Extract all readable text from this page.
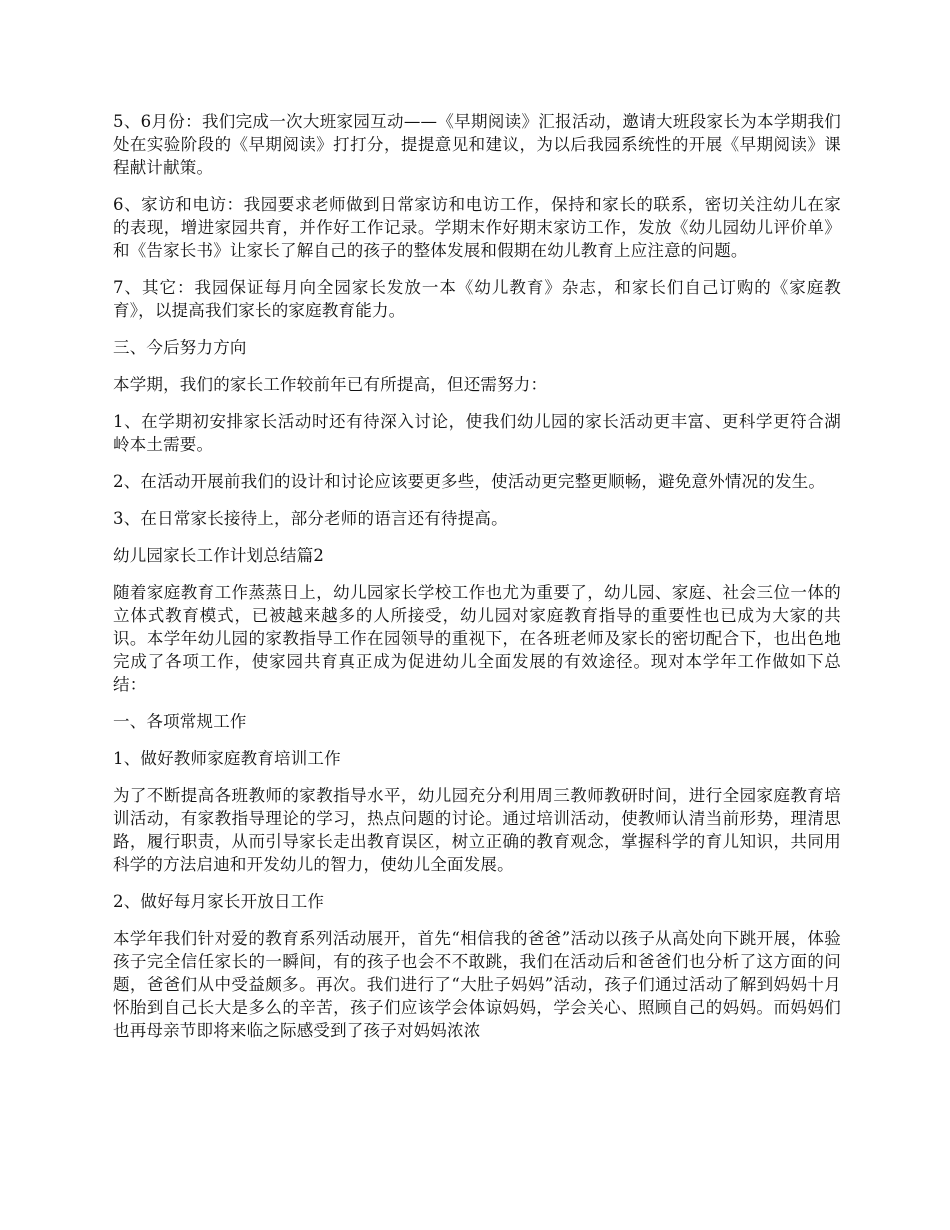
5、6月份：我们完成一次大班家园互动——《早期阅读》汇报活动，邀请大班段家长为本学期我们处在实验阶段的《早期阅读》打打分，提提意见和建议，为以后我园系统性的开展《早期阅读》课程献计献策。

6、家访和电访：我园要求老师做到日常家访和电访工作，保持和家长的联系，密切关注幼儿在家的表现，增进家园共育，并作好工作记录。学期末作好期末家访工作，发放《幼儿园幼儿评价单》和《告家长书》让家长了解自己的孩子的整体发展和假期在幼儿教育上应注意的问题。

7、其它：我园保证每月向全园家长发放一本《幼儿教育》杂志，和家长们自己订购的《家庭教育》，以提高我们家长的家庭教育能力。

三、今后努力方向

本学期，我们的家长工作较前年已有所提高，但还需努力：

1、在学期初安排家长活动时还有待深入讨论，使我们幼儿园的家长活动更丰富、更科学更符合湖岭本土需要。

2、在活动开展前我们的设计和讨论应该要更多些，使活动更完整更顺畅，避免意外情况的发生。

3、在日常家长接待上，部分老师的语言还有待提高。

幼儿园家长工作计划总结篇2

随着家庭教育工作蒸蒸日上，幼儿园家长学校工作也尤为重要了，幼儿园、家庭、社会三位一体的立体式教育模式，已被越来越多的人所接受，幼儿园对家庭教育指导的重要性也已成为大家的共识。本学年幼儿园的家教指导工作在园领导的重视下，在各班老师及家长的密切配合下，也出色地完成了各项工作，使家园共育真正成为促进幼儿全面发展的有效途径。现对本学年工作做如下总结：

一、各项常规工作

1、做好教师家庭教育培训工作

为了不断提高各班教师的家教指导水平，幼儿园充分利用周三教师教研时间，进行全园家庭教育培训活动，有家教指导理论的学习，热点问题的讨论。通过培训活动，使教师认清当前形势，理清思路，履行职责，从而引导家长走出教育误区，树立正确的教育观念，掌握科学的育儿知识，共同用科学的方法启迪和开发幼儿的智力，使幼儿全面发展。

2、做好每月家长开放日工作

本学年我们针对爱的教育系列活动展开，首先“相信我的爸爸”活动以孩子从高处向下跳开展，体验孩子完全信任家长的一瞬间，有的孩子也会不不敢跳，我们在活动后和爸爸们也分析了这方面的问题，爸爸们从中受益颇多。再次。我们进行了“大肚子妈妈”活动，孩子们通过活动了解到妈妈十月怀胎到自己长大是多么的辛苦，孩子们应该学会体谅妈妈，学会关心、照顾自己的妈妈。而妈妈们也再母亲节即将来临之际感受到了孩子对妈妈浓浓
